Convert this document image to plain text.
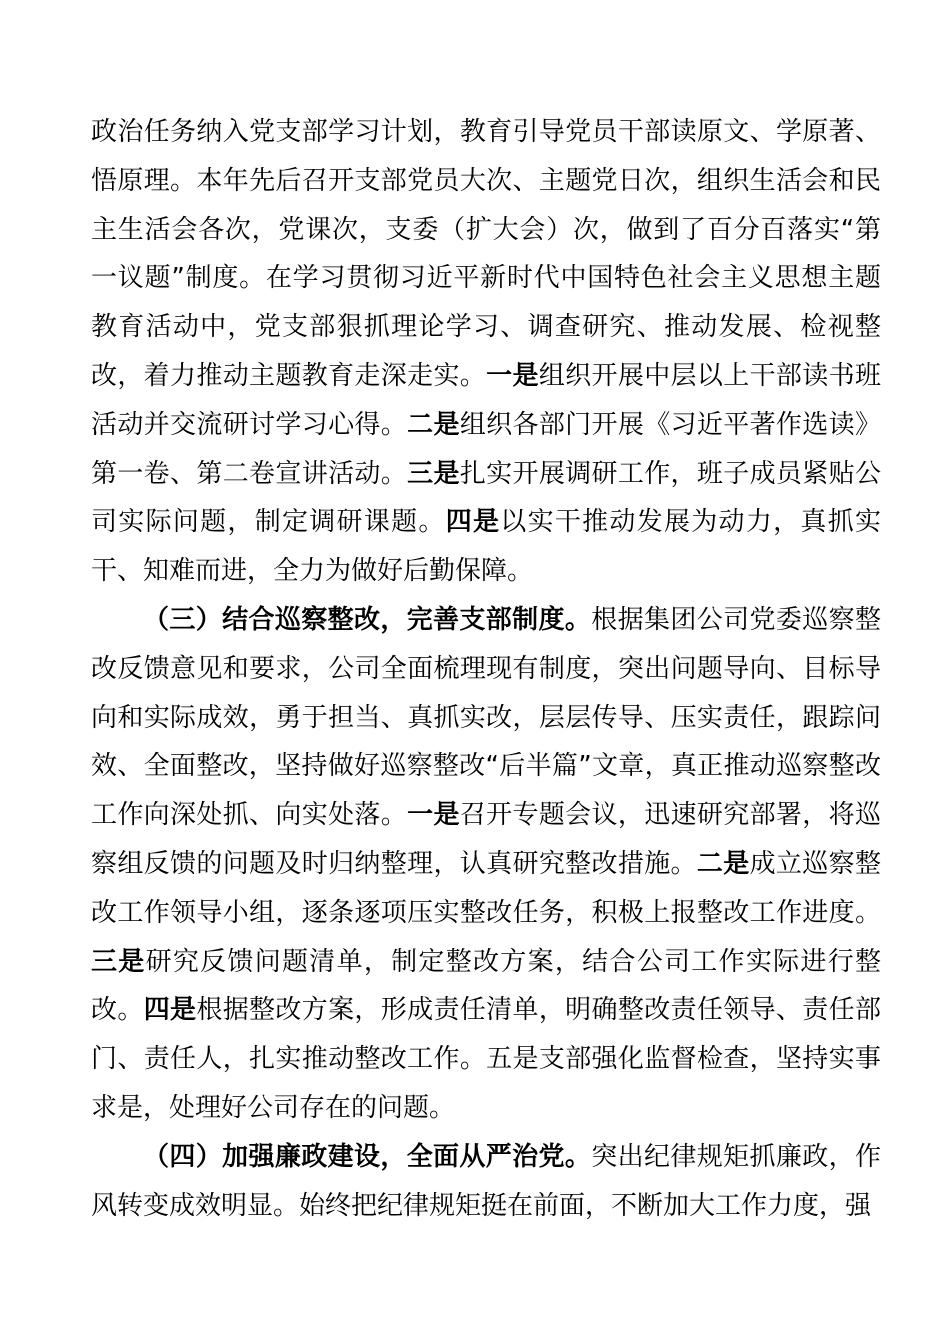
政治任务纳入党支部学习计划，教育引导党员干部读原文、学原著、悟原理。本年先后召开支部党员大次、主题党日次，组织生活会和民主生活会各次，党课次，支委（扩大会）次，做到了百分百落实“第一议题”制度。在学习贯彻习近平新时代中国特色社会主义思想主题教育活动中，党支部狠抓理论学习、调查研究、推动发展、检视整改，着力推动主题教育走深走实。一是组织开展中层以上干部读书班活动并交流研讨学习心得。二是组织各部门开展《习近平著作选读》第一卷、第二卷宣讲活动。三是扎实开展调研工作，班子成员紧贴公司实际问题，制定调研课题。四是以实干推动发展为动力，真抓实干、知难而进，全力为做好后勤保障。

（三）结合巡察整改，完善支部制度。根据集团公司党委巡察整改反馈意见和要求，公司全面梳理现有制度，突出问题导向、目标导向和实际成效，勇于担当、真抓实改，层层传导、压实责任，跟踪问效、全面整改，坚持做好巡察整改“后半篇”文章，真正推动巡察整改工作向深处抓、向实处落。一是召开专题会议，迅速研究部署，将巡察组反馈的问题及时归纳整理，认真研究整改措施。二是成立巡察整改工作领导小组，逐条逐项压实整改任务，积极上报整改工作进度。三是研究反馈问题清单，制定整改方案，结合公司工作实际进行整改。四是根据整改方案，形成责任清单，明确整改责任领导、责任部门、责任人，扎实推动整改工作。五是支部强化监督检查，坚持实事求是，处理好公司存在的问题。

（四）加强廉政建设，全面从严治党。突出纪律规矩抓廉政，作风转变成效明显。始终把纪律规矩挺在前面，不断加大工作力度，强
